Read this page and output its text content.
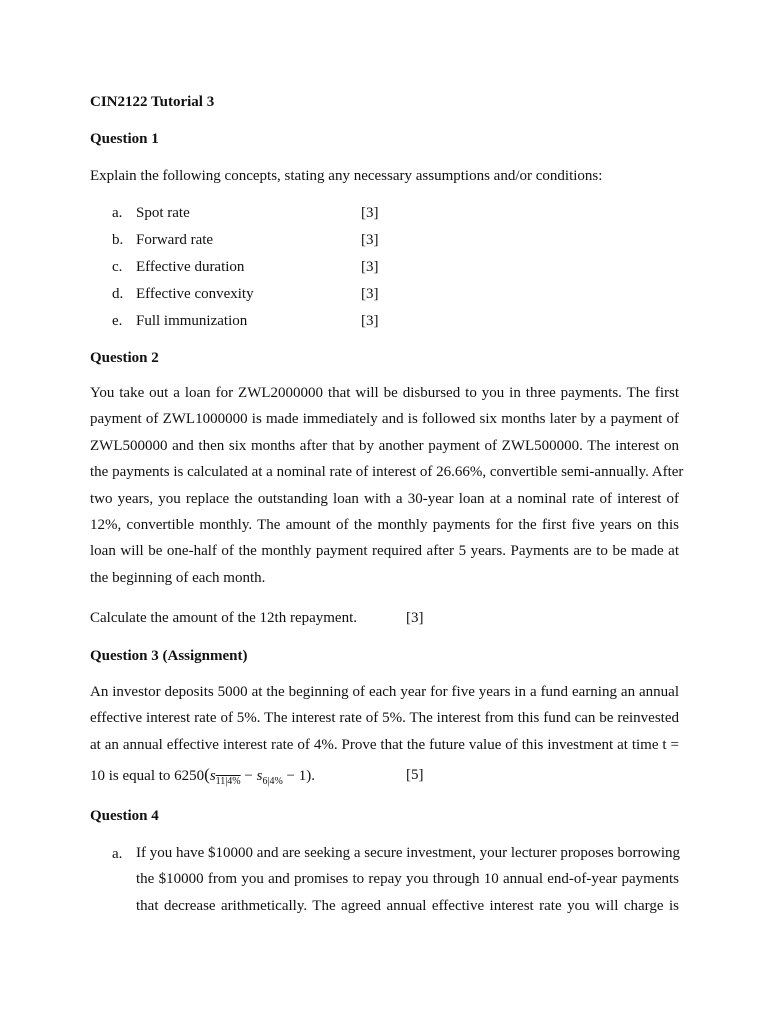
CIN2122 Tutorial 3
Question 1
Explain the following concepts, stating any necessary assumptions and/or conditions:
a. Spot rate	[3]
b. Forward rate	[3]
c. Effective duration	[3]
d. Effective convexity	[3]
e. Full immunization	[3]
Question 2
You take out a loan for ZWL2000000 that will be disbursed to you in three payments. The first
payment of ZWL1000000 is made immediately and is followed six months later by a payment of
ZWL500000 and then six months after that by another payment of ZWL500000. The interest on
the payments is calculated at a nominal rate of interest of 26.66%, convertible semi-annually. After
two years, you replace the outstanding loan with a 30-year loan at a nominal rate of interest of
12%, convertible monthly. The amount of the monthly payments for the first five years on this
loan will be one-half of the monthly payment required after 5 years. Payments are to be made at
the beginning of each month.
Calculate the amount of the 12th repayment.	[3]
Question 3 (Assignment)
An investor deposits 5000 at the beginning of each year for five years in a fund earning an annual
effective interest rate of 5%. The interest rate of 5%. The interest from this fund can be reinvested
at an annual effective interest rate of 4%. Prove that the future value of this investment at time t =
10 is equal to $6250(s_{11|4\%} - s_{6|4\%} - 1)$.	[5]
Question 4
a. If you have $10000 and are seeking a secure investment, your lecturer proposes borrowing
the $10000 from you and promises to repay you through 10 annual end-of-year payments
that decrease arithmetically. The agreed annual effective interest rate you will charge is
